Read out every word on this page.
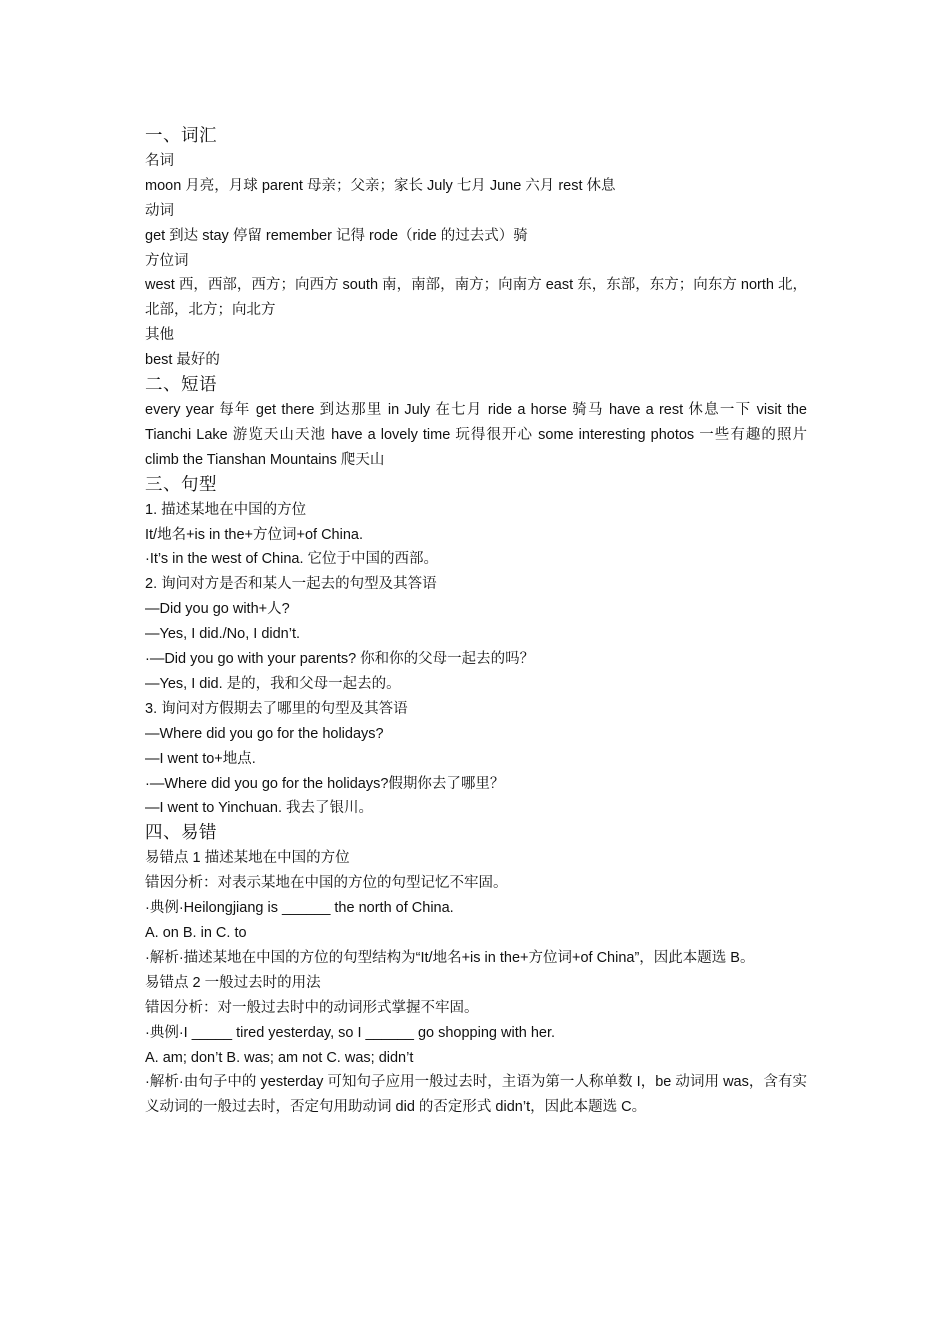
一、词汇

名词

moon 月亮，月球 parent 母亲；父亲；家长 July 七月 June 六月 rest 休息

动词

get 到达 stay 停留 remember 记得 rode（ride 的过去式）骑

方位词

west 西，西部，西方；向西方 south 南，南部，南方；向南方 east 东，东部，东方；向东方 north 北，北部，北方；向北方

其他

best 最好的

二、短语

every year 每年 get there 到达那里 in July 在七月 ride a horse 骑马 have a rest 休息一下 visit the Tianchi Lake 游览天山天池 have a lovely time 玩得很开心 some interesting photos 一些有趣的照片 climb the Tianshan Mountains 爬天山

三、句型

1. 描述某地在中国的方位

It/地名+is in the+方位词+of China.

·It’s in the west of China. 它位于中国的西部。

2. 询问对方是否和某人一起去的句型及其答语

—Did you go with+人?

—Yes, I did./No, I didn’t.

·—Did you go with your parents? 你和你的父母一起去的吗？

—Yes, I did. 是的，我和父母一起去的。

3. 询问对方假期去了哪里的句型及其答语

—Where did you go for the holidays?

—I went to+地点.

·—Where did you go for the holidays?假期你去了哪里？

—I went to Yinchuan. 我去了银川。

四、易错

易错点 1 描述某地在中国的方位

错因分析：对表示某地在中国的方位的句型记忆不牢固。

·典例·Heilongjiang is ______ the north of China.

A. on B. in C. to

·解析·描述某地在中国的方位的句型结构为“It/地名+is in the+方位词+of China”，因此本题选 B。

易错点 2 一般过去时的用法

错因分析：对一般过去时中的动词形式掌握不牢固。

·典例·I _____ tired yesterday, so I ______ go shopping with her.

A. am; don’t B. was; am not C. was; didn’t

·解析·由句子中的 yesterday 可知句子应用一般过去时，主语为第一人称单数 I，be 动词用 was，含有实义动词的一般过去时，否定句用助动词 did 的否定形式 didn’t，因此本题选 C。
